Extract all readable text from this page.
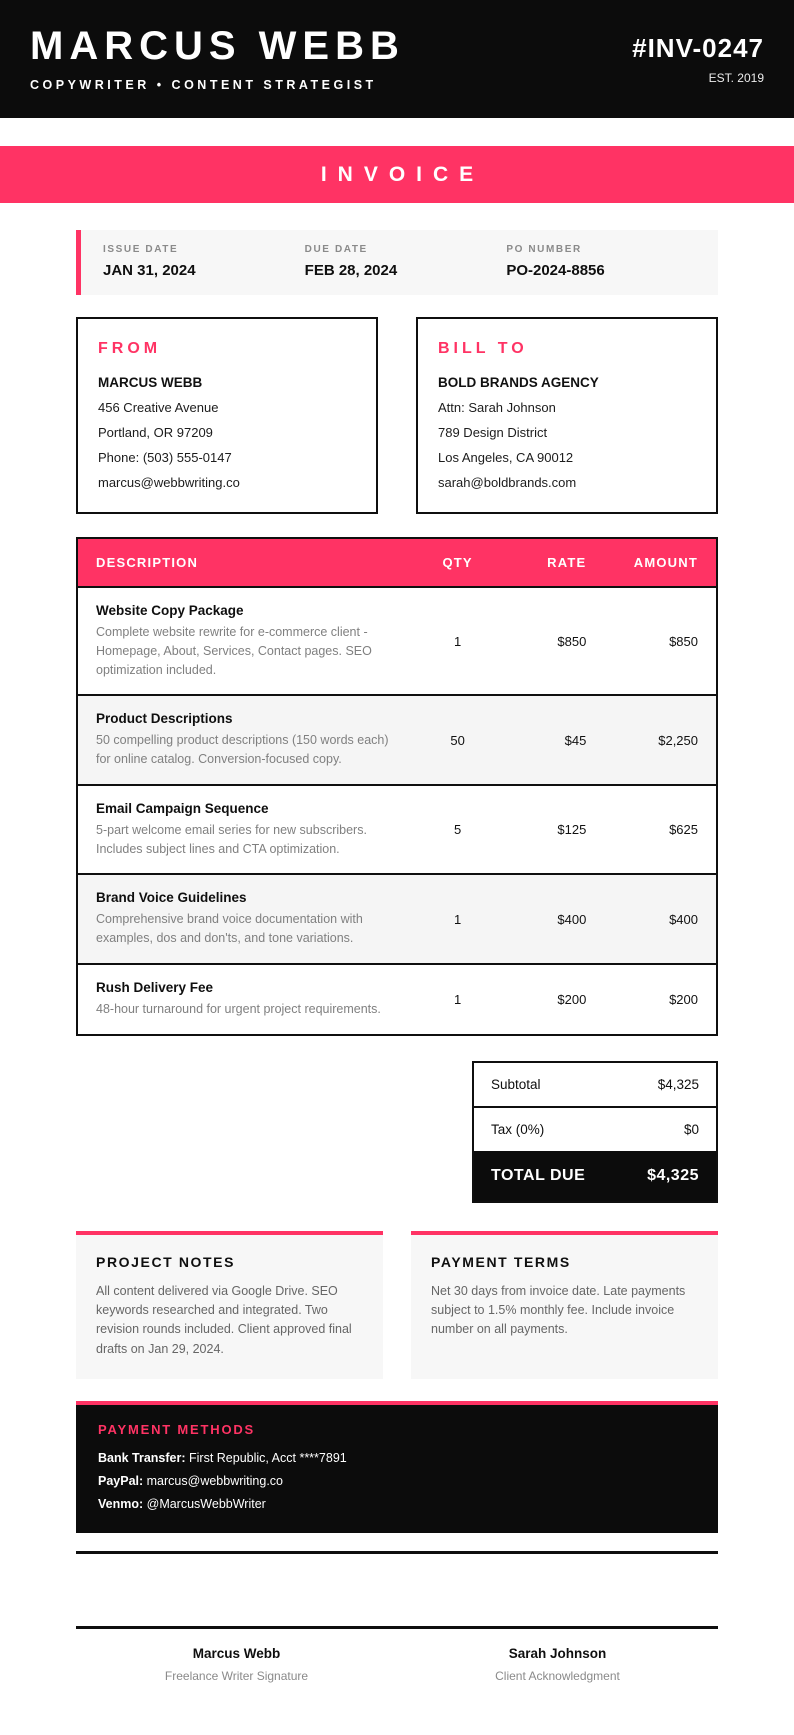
MARCUS WEBB
COPYWRITER • CONTENT STRATEGIST
#INV-0247
EST. 2019
INVOICE
ISSUE DATE
JAN 31, 2024
DUE DATE
FEB 28, 2024
PO NUMBER
PO-2024-8856
FROM
MARCUS WEBB
456 Creative Avenue
Portland, OR 97209
Phone: (503) 555-0147
marcus@webbwriting.co
BILL TO
BOLD BRANDS AGENCY
Attn: Sarah Johnson
789 Design District
Los Angeles, CA 90012
sarah@boldbrands.com
DESCRIPTION	QTY	RATE	AMOUNT

Website Copy Package
Complete website rewrite for e-commerce client - Homepage, About, Services, Contact pages. SEO optimization included.	1	$850	$850

Product Descriptions
50 compelling product descriptions (150 words each) for online catalog. Conversion-focused copy.	50	$45	$2,250

Email Campaign Sequence
5-part welcome email series for new subscribers. Includes subject lines and CTA optimization.	5	$125	$625

Brand Voice Guidelines
Comprehensive brand voice documentation with examples, dos and don'ts, and tone variations.	1	$400	$400

Rush Delivery Fee
48-hour turnaround for urgent project requirements.	1	$200	$200
Subtotal	$4,325
Tax (0%)	$0
TOTAL DUE	$4,325
PROJECT NOTES
All content delivered via Google Drive. SEO keywords researched and integrated. Two revision rounds included. Client approved final drafts on Jan 29, 2024.
PAYMENT TERMS
Net 30 days from invoice date. Late payments subject to 1.5% monthly fee. Include invoice number on all payments.
PAYMENT METHODS
Bank Transfer: First Republic, Acct ****7891
PayPal: marcus@webbwriting.co
Venmo: @MarcusWebbWriter
Marcus Webb
Freelance Writer Signature
Sarah Johnson
Client Acknowledgment
